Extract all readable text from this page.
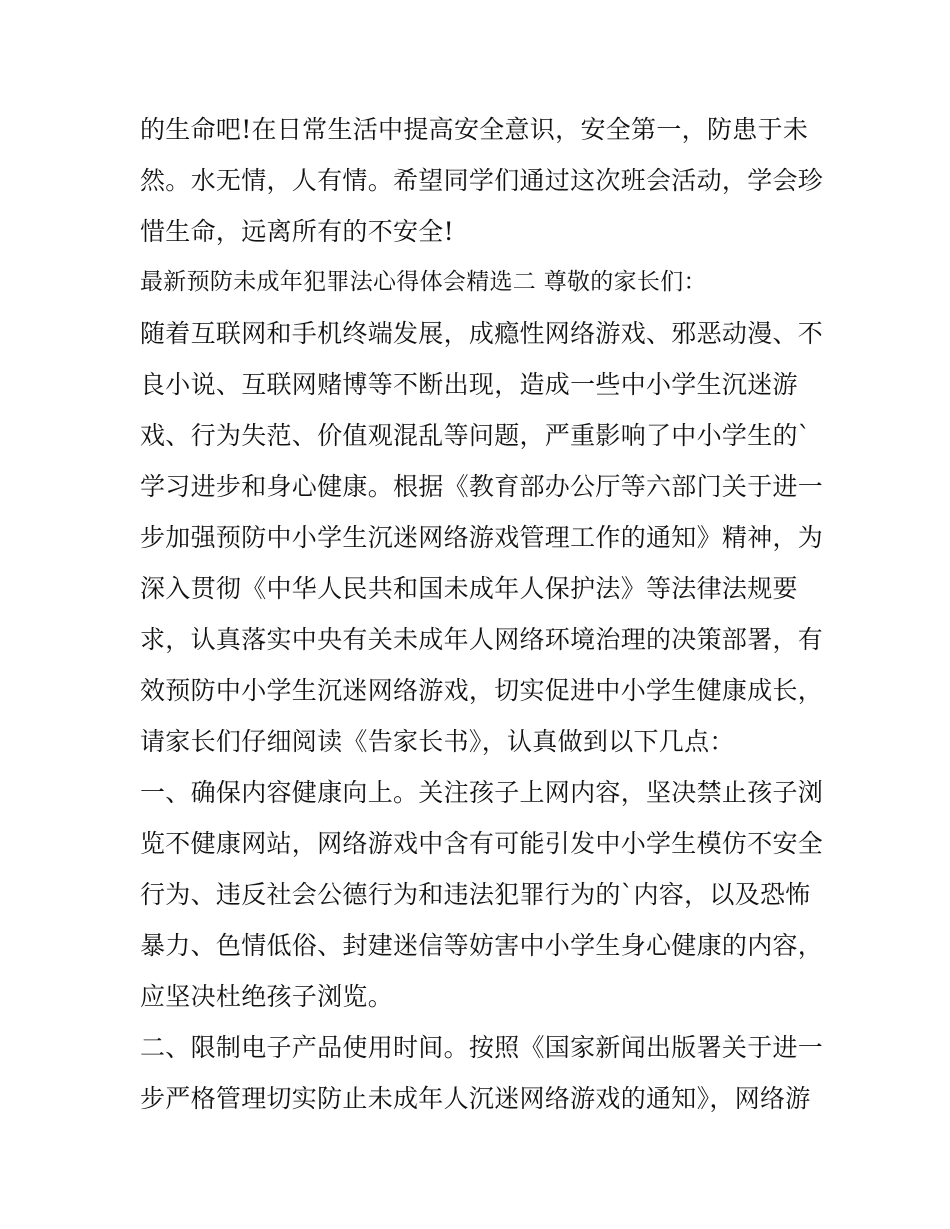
的生命吧!在日常生活中提高安全意识，安全第一，防患于未
然。水无情，人有情。希望同学们通过这次班会活动，学会珍
惜生命，远离所有的不安全!
最新预防未成年犯罪法心得体会精选二 尊敬的家长们：
随着互联网和手机终端发展，成瘾性网络游戏、邪恶动漫、不
良小说、互联网赌博等不断出现，造成一些中小学生沉迷游
戏、行为失范、价值观混乱等问题，严重影响了中小学生的`
学习进步和身心健康。根据《教育部办公厅等六部门关于进一
步加强预防中小学生沉迷网络游戏管理工作的通知》精神，为
深入贯彻《中华人民共和国未成年人保护法》等法律法规要
求，认真落实中央有关未成年人网络环境治理的决策部署，有
效预防中小学生沉迷网络游戏，切实促进中小学生健康成长，
请家长们仔细阅读《告家长书》，认真做到以下几点：
一、确保内容健康向上。关注孩子上网内容，坚决禁止孩子浏
览不健康网站，网络游戏中含有可能引发中小学生模仿不安全
行为、违反社会公德行为和违法犯罪行为的`内容，以及恐怖
暴力、色情低俗、封建迷信等妨害中小学生身心健康的内容，
应坚决杜绝孩子浏览。
二、限制电子产品使用时间。按照《国家新闻出版署关于进一
步严格管理切实防止未成年人沉迷网络游戏的通知》，网络游
